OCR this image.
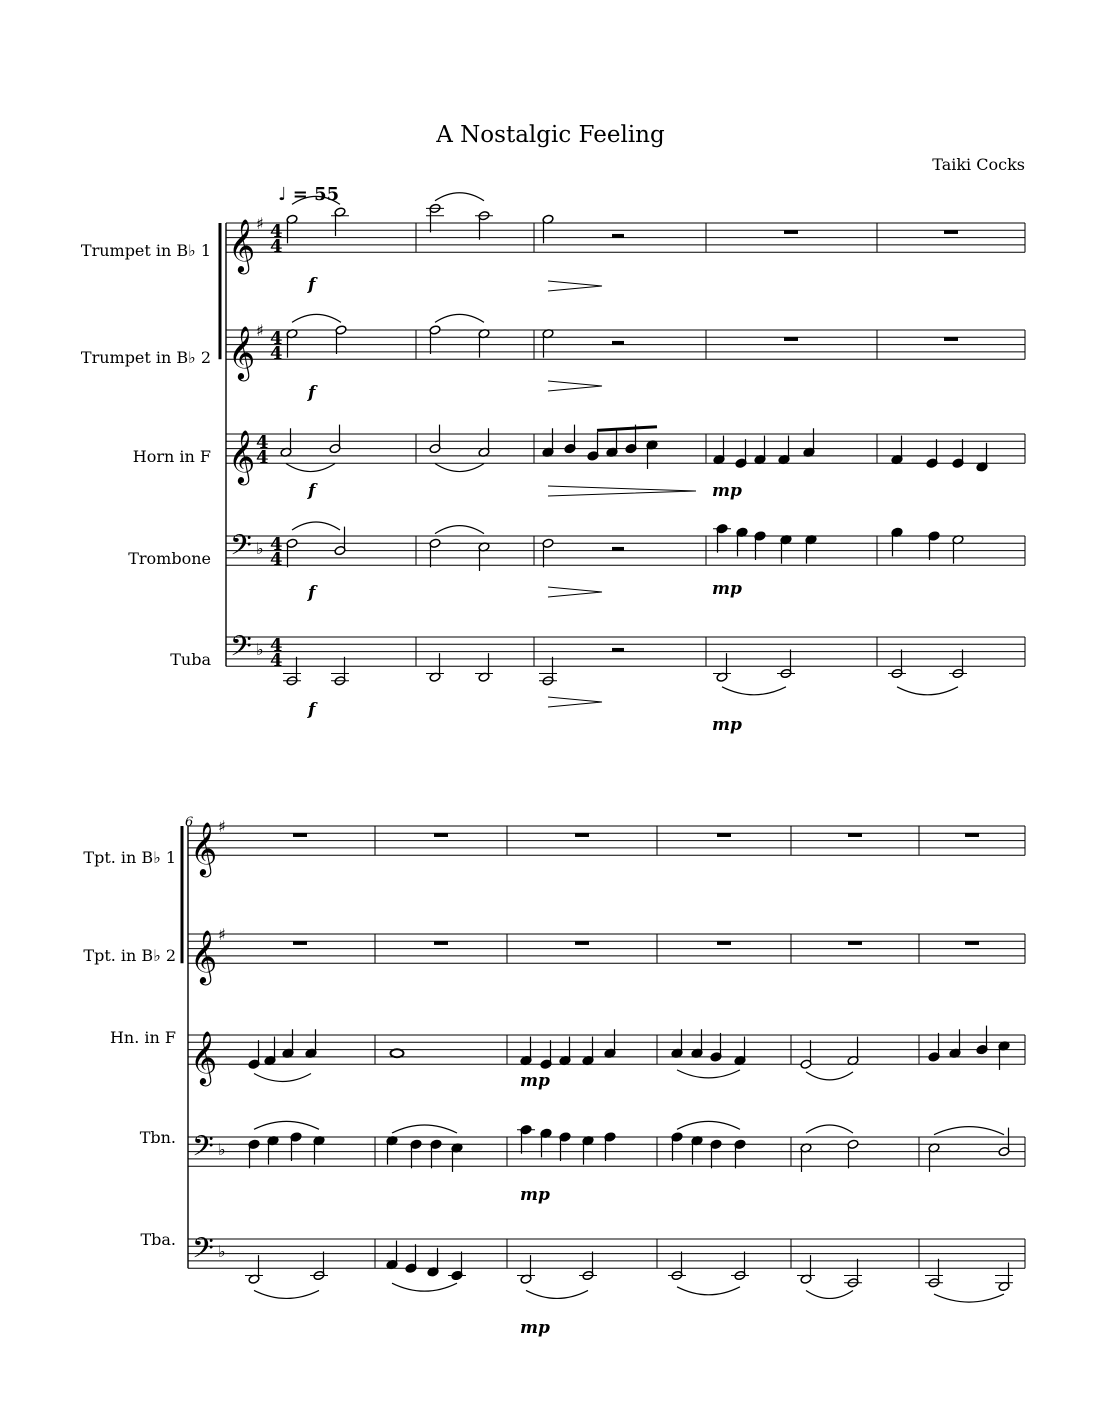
A Nostalgic Feeling
Taiki Cocks
♩ = 55
Trumpet in B♭ 1
Trumpet in B♭ 2
Horn in F
Trombone
Tuba
Tpt. in B♭ 1
Tpt. in B♭ 2
Hn. in F
Tbn.
Tba.
6
𝄞 ♯ 4
4
𝄞 ♯ 4
4
𝄞 4
4
𝄢 ♭ 4
4
𝄢 ♭ 4
4
𝄞 ♯
𝄞 ♯
𝄞
𝄢 ♭
𝄢 ♭
f
f
f	mp
f	mp
f
mp
mp
mp
mp
